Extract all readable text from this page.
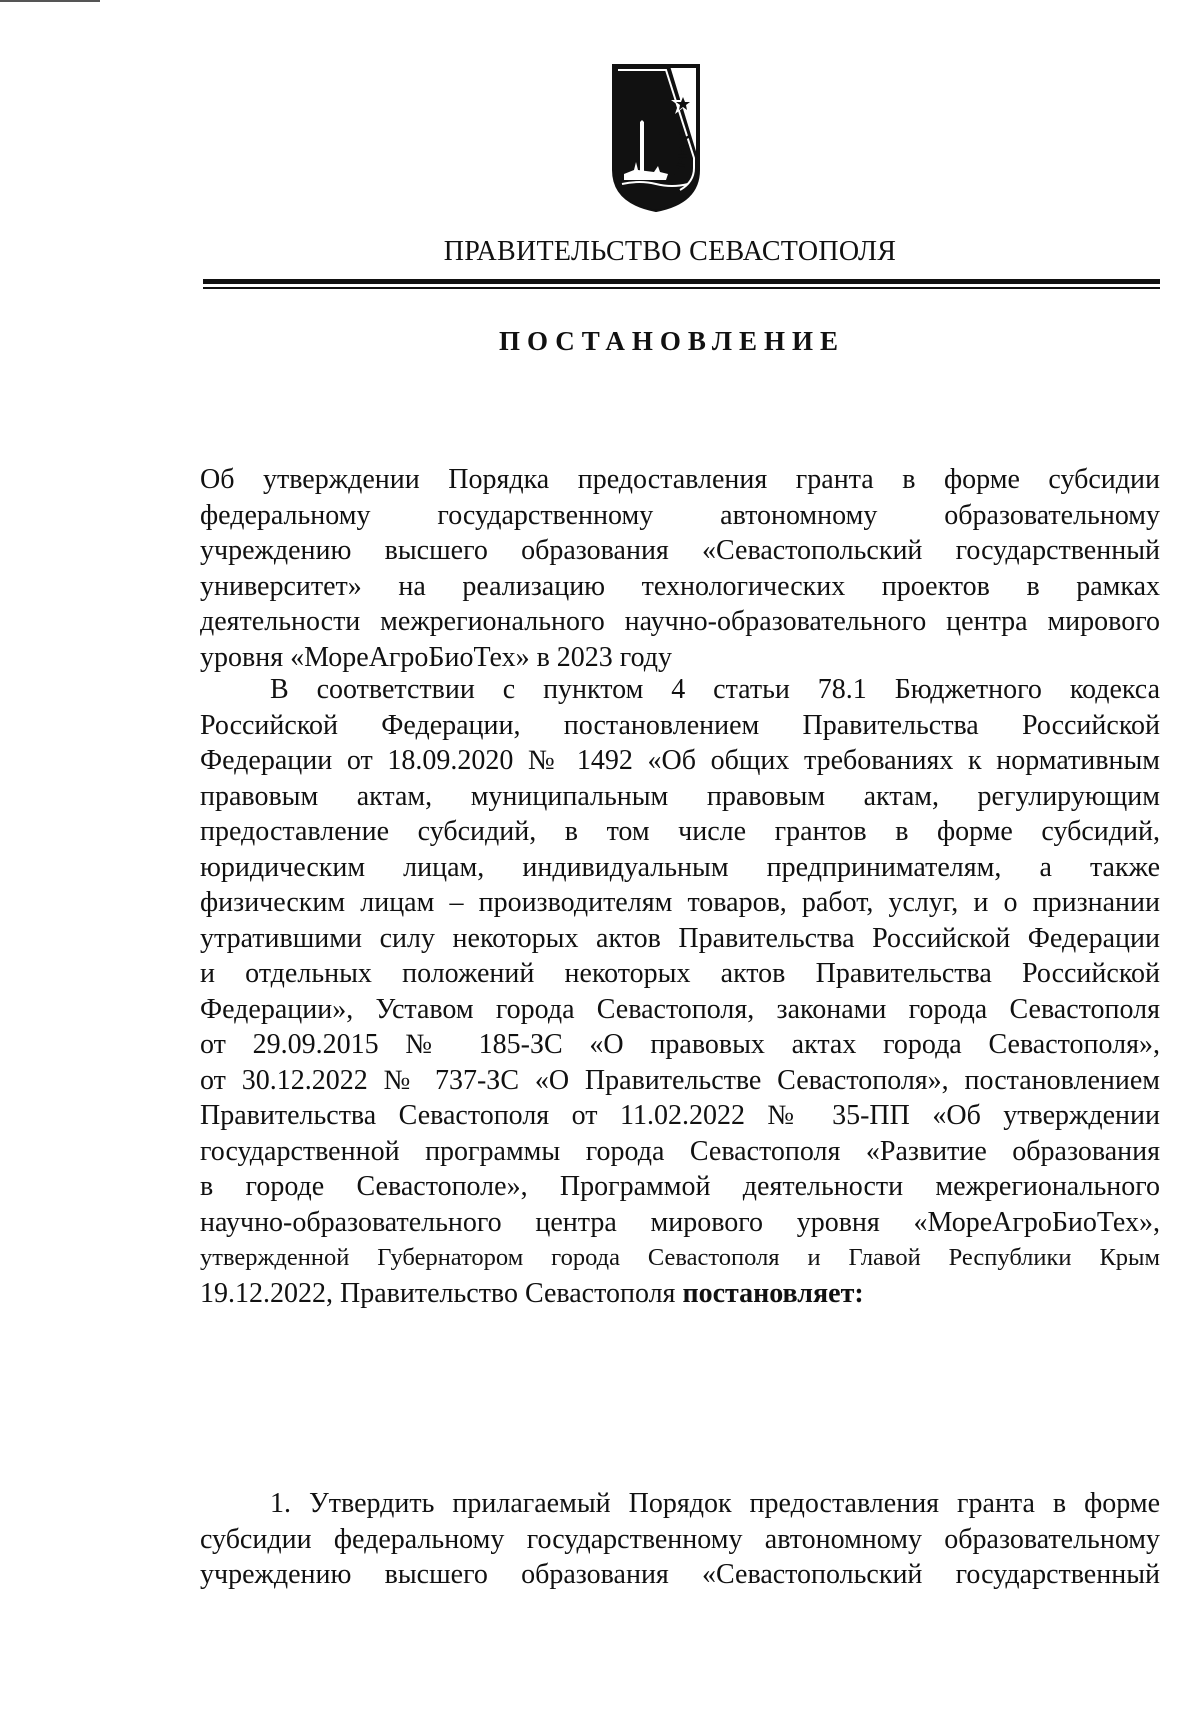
ПРАВИТЕЛЬСТВО СЕВАСТОПОЛЯ
ПОСТАНОВЛЕНИЕ
Об утверждении Порядка предоставления гранта в форме субсидии
федеральному государственному автономному образовательному
учреждению высшего образования «Севастопольский государственный
университет» на реализацию технологических проектов в рамках
деятельности межрегионального научно-образовательного центра мирового
уровня «МореАгроБиоТех» в 2023 году
В соответствии с пунктом 4 статьи 78.1 Бюджетного кодекса
Российской Федерации, постановлением Правительства Российской
Федерации от 18.09.2020 № 1492 «Об общих требованиях к нормативным
правовым актам, муниципальным правовым актам, регулирующим
предоставление субсидий, в том числе грантов в форме субсидий,
юридическим лицам, индивидуальным предпринимателям, а также
физическим лицам – производителям товаров, работ, услуг, и о признании
утратившими силу некоторых актов Правительства Российской Федерации
и отдельных положений некоторых актов Правительства Российской
Федерации», Уставом города Севастополя, законами города Севастополя
от 29.09.2015 № 185-ЗС «О правовых актах города Севастополя»,
от 30.12.2022 № 737-ЗС «О Правительстве Севастополя», постановлением
Правительства Севастополя от 11.02.2022 № 35-ПП «Об утверждении
государственной программы города Севастополя «Развитие образования
в городе Севастополе», Программой деятельности межрегионального
научно-образовательного центра мирового уровня «МореАгроБиоТех»,
утвержденной Губернатором города Севастополя и Главой Республики Крым
19.12.2022, Правительство Севастополя постановляет:
1. Утвердить прилагаемый Порядок предоставления гранта в форме
субсидии федеральному государственному автономному образовательному
учреждению высшего образования «Севастопольский государственный
